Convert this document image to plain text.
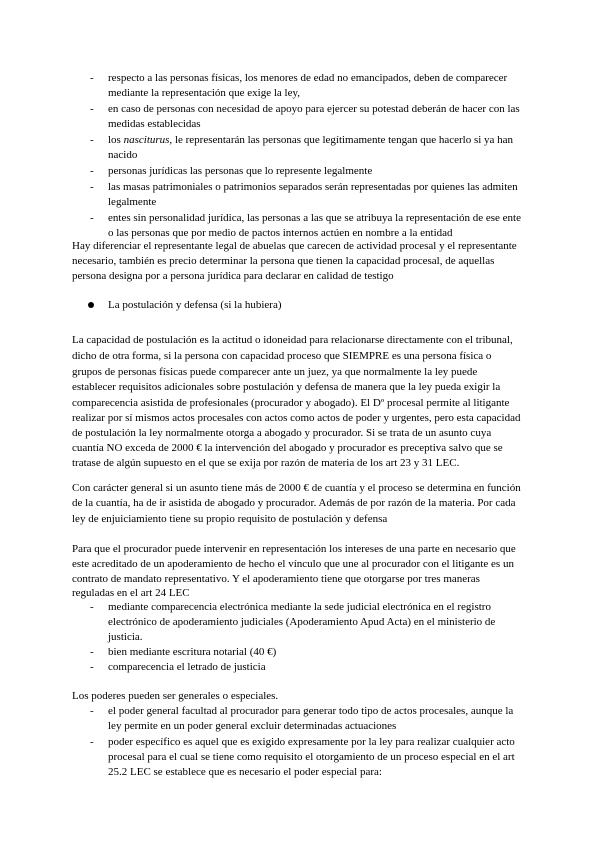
- respecto a las personas físicas, los menores de edad no emancipados, deben de comparecer
mediante la representación que exige la ley,
- en caso de personas con necesidad de apoyo para ejercer su potestad deberán de hacer con las
medidas establecidas
- los nasciturus, le representarán las personas que legítimamente tengan que hacerlo si ya han
nacido
- personas jurídicas las personas que lo represente legalmente
- las masas patrimoniales o patrimonios separados serán representadas por quienes las admiten
legalmente
- entes sin personalidad jurídica, las personas a las que se atribuya la representación de ese ente
o las personas que por medio de pactos internos actúen en nombre a la entidad
Hay diferenciar el representante legal de abuelas que carecen de actividad procesal y el representante
necesario, también es precio determinar la persona que tienen la capacidad procesal, de aquellas
persona designa por a persona jurídica para declarar en calidad de testigo
La postulación y defensa (si la hubiera)
La capacidad de postulación es la actitud o idoneidad para relacionarse directamente con el tribunal,
dicho de otra forma, si la persona con capacidad proceso que SIEMPRE es una persona física o
grupos de personas físicas puede comparecer ante un juez, ya que normalmente la ley puede
establecer requisitos adicionales sobre postulación y defensa de manera que la ley pueda exigir la
comparecencia asistida de profesionales (procurador y abogado). El Dº procesal permite al litigante
realizar por sí mismos actos procesales con actos como actos de poder y urgentes, pero esta capacidad
de postulación la ley normalmente otorga a abogado y procurador. Si se trata de un asunto cuya
cuantía NO exceda de 2000 € la intervención del abogado y procurador es preceptiva salvo que se
tratase de algún supuesto en el que se exija por razón de materia de los art 23 y 31 LEC.
Con carácter general si un asunto tiene más de 2000 € de cuantía y el proceso se determina en función
de la cuantía, ha de ir asistida de abogado y procurador. Además de por razón de la materia. Por cada
ley de enjuiciamiento tiene su propio requisito de postulación y defensa
Para que el procurador puede intervenir en representación los intereses de una parte en necesario que
este acreditado de un apoderamiento de hecho el vínculo que une al procurador con el litigante es un
contrato de mandato representativo. Y el apoderamiento tiene que otorgarse por tres maneras
reguladas en el art 24 LEC
- mediante comparecencia electrónica mediante la sede judicial electrónica en el registro
electrónico de apoderamiento judiciales (Apoderamiento Apud Acta) en el ministerio de
justicia.
- bien mediante escritura notarial (40 €)
- comparecencia el letrado de justicia
Los poderes pueden ser generales o especiales.
- el poder general facultad al procurador para generar todo tipo de actos procesales, aunque la
ley permite en un poder general excluir determinadas actuaciones
- poder específico es aquel que es exigido expresamente por la ley para realizar cualquier acto
procesal para el cual se tiene como requisito el otorgamiento de un proceso especial en el art
25.2 LEC se establece que es necesario el poder especial para:
